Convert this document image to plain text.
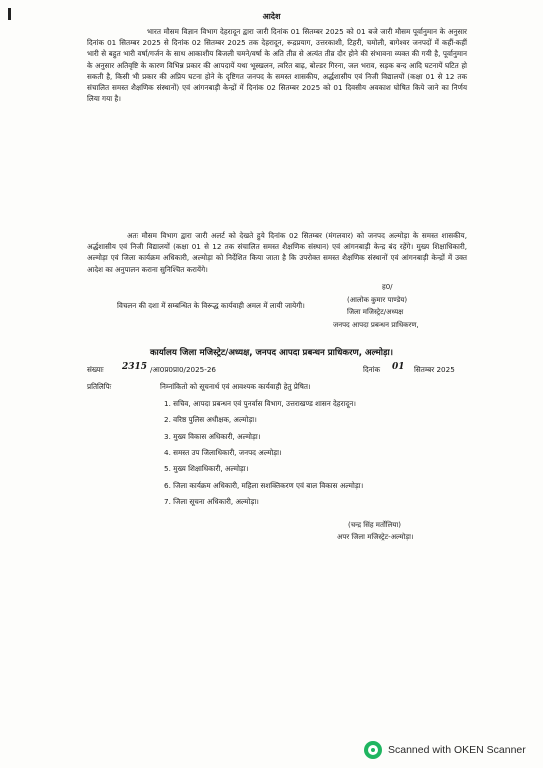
आदेश
भारत मौसम विज्ञान विभाग देहरादून द्वारा जारी दिनांक 01 सितम्बर 2025 को 01 बजे जारी मौसम पूर्वानुमान के अनुसार दिनांक 01 सितम्बर 2025 से दिनांक 02 सितम्बर 2025 तक देहरादून, रूद्रप्रयाग, उत्तरकाशी, टिहरी, चमोली, बागेश्वर जनपदों में कहीं-कहीं भारी से बहुत भारी वर्षा/गर्जन के साथ आकाशीय बिजली चमने/वर्षा के अति तीव्र से अत्यंत तीव्र दौर होने की संभावना व्यक्त की गयी है, पूर्वानुमान के अनुसार अतिवृष्टि के कारण विभिन्न प्रकार की आपदायें यथा भूस्खलन, त्वरित बाढ़, बोल्डर गिरना, जल भराव, सड़क बन्द आदि घटनायें घटित हो सकती है, किसी भी प्रकार की अप्रिय घटना होने के दृष्टिगत जनपद के समस्त शासकीय, अर्द्धशासीय एवं निजी विद्यालयों (कक्षा 01 से 12 तक संचालित समस्त शैक्षणिक संस्थानों) एवं आंगनबाड़ी केन्द्रों में दिनांक 02 सितम्बर 2025 को 01 दिवसीय अवकाश घोषित किये जाने का निर्णय लिया गया है।
अतः मौसम विभाग द्वारा जारी अलर्ट को देखते हुये दिनांक 02 सितम्बर (मंगलवार) को जनपद अल्मोड़ा के समस्त शासकीय, अर्द्धशासीय एवं निजी विद्यालयों (कक्षा 01 से 12 तक संचालित समस्त शैक्षणिक संस्थान) एवं आंगनबाड़ी केन्द्र बंद रहेंगे। मुख्य शिक्षाधिकारी, अल्मोड़ा एवं जिला कार्यक्रम अधिकारी, अल्मोड़ा को निर्देशित किया जाता है कि उपरोक्त समस्त शैक्षणिक संस्थानों एवं आंगनबाड़ी केन्द्रों में उक्त आदेश का अनुपालन कराना सुनिश्चित करायेंगे।
विचलन की दशा में सम्बन्धित के विरूद्ध कार्यवाही अमल में लायी जायेगी।
ह0/
(आलोक कुमार पाण्डेय)
जिला मजिस्ट्रेट/अध्यक्ष
जनपद आपदा प्रबन्धन प्राधिकरण,
कार्यालय जिला मजिस्ट्रेट/अध्यक्ष, जनपद आपदा प्रबन्धन प्राधिकरण, अल्मोड़ा।
संख्याः 2315 /आ0प्र0प्रा0/2025-26	दिनांक 01 सितम्बर 2025
प्रतिलिपिः	निम्नांकितो को सूचनार्थ एवं आवश्यक कार्यवाही हेतु प्रेषित।
1. सचिव, आपदा प्रबन्धन एवं पुनर्वास विभाग, उत्तराखण्ड शासन देहरादून।
2. वरिष्ठ पुलिस अधीक्षक, अल्मोड़ा।
3. मुख्य विकास अधिकारी, अल्मोड़ा।
4. समस्त उप जिलाधिकारी, जनपद अल्मोड़ा।
5. मुख्य शिक्षाधिकारी, अल्मोड़ा।
6. जिला कार्यक्रम अधिकारी, महिला सशक्तिकरण एवं बाल विकास अल्मोड़ा।
7. जिला सूचना अधिकारी, अल्मोड़ा।
(चन्द्र सिंह मर्तोलिया)
अपर जिला मजिस्ट्रेट-अल्मोड़ा।
Scanned with OKEN Scanner
